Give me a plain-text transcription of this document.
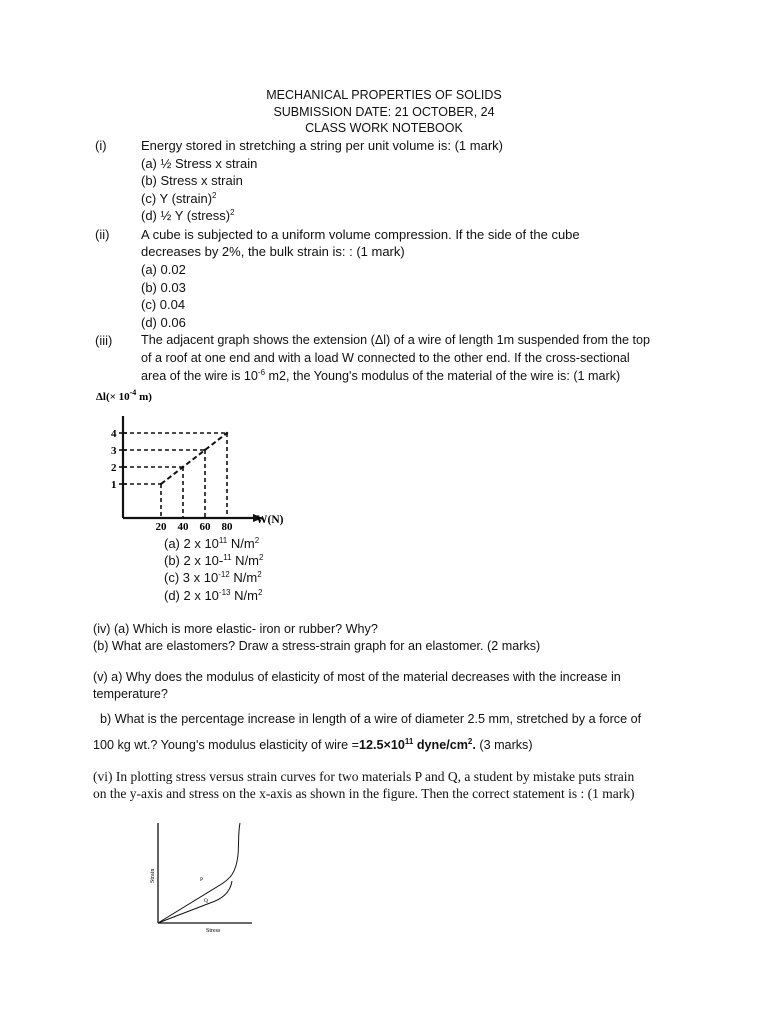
MECHANICAL PROPERTIES OF SOLIDS
SUBMISSION DATE: 21 OCTOBER, 24
CLASS WORK NOTEBOOK
(i)	Energy stored in stretching a string per unit volume is: (1 mark)
(a) ½ Stress x strain
(b) Stress x strain
(c) Y (strain)$^2$
(d) ½ Y (stress)$^2$
(ii) A cube is subjected to a uniform volume compression. If the side of the cube
decreases by 2%, the bulk strain is: : (1 mark)
(a) 0.02
(b) 0.03
(c) 0.04
(d) 0.06
(iii) The adjacent graph shows the extension (Δl) of a wire of length 1m suspended from the top
of a roof at one end and with a load W connected to the other end. If the cross-sectional
area of the wire is $10^{-6}$ m2, the Young's modulus of the material of the wire is: (1 mark)
$\Delta l(\times 10^{-4}$ m)
4
3
2
1
20 40 60 80
W(N)
(a) 2 x $10^{11}$ $N/m^2$
(b) 2 x 10-$^{11}$ $N/m^2$
(c) 3 x $10^{-12}$ $N/m^2$
(d) 2 x $10^{-13}$ $N/m^2$
(iv) (a) Which is more elastic- iron or rubber? Why?
(b) What are elastomers? Draw a stress-strain graph for an elastomer. (2 marks)
(v) a) Why does the modulus of elasticity of most of the material decreases with the increase in
temperature?
b) What is the percentage increase in length of a wire of diameter 2.5 mm, stretched by a force of
100 kg wt.? Young's modulus elasticity of wire $=12.5\times 10^{11}$ dyne/$cm^2$. (3 marks)
(vi) In plotting stress versus strain curves for two materials P and Q, a student by mistake puts strain
on the y-axis and stress on the x-axis as shown in the figure. Then the correct statement is : (1 mark)
P
Q
Strain
Stress
